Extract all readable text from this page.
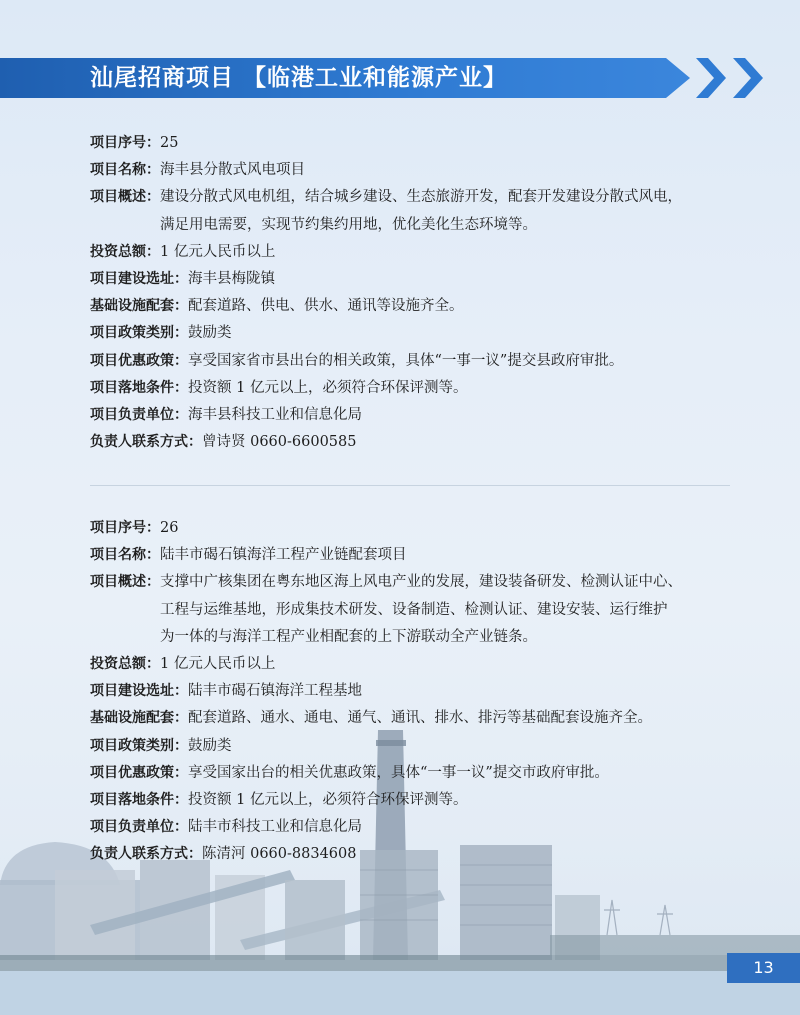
汕尾招商项目 【临港工业和能源产业】
项目序号： 25
项目名称： 海丰县分散式风电项目
项目概述： 建设分散式风电机组，结合城乡建设、生态旅游开发，配套开发建设分散式风电，
满足用电需要，实现节约集约用地，优化美化生态环境等。
投资总额： 1 亿元人民币以上
项目建设选址： 海丰县梅陇镇
基础设施配套： 配套道路、供电、供水、通讯等设施齐全。
项目政策类别： 鼓励类
项目优惠政策： 享受国家省市县出台的相关政策，具体“一事一议”提交县政府审批。
项目落地条件： 投资额 1 亿元以上，必须符合环保评测等。
项目负责单位： 海丰县科技工业和信息化局
负责人联系方式： 曾诗贤 0660-6600585
项目序号： 26
项目名称： 陆丰市碣石镇海洋工程产业链配套项目
项目概述： 支撑中广核集团在粤东地区海上风电产业的发展，建设装备研发、检测认证中心、
工程与运维基地，形成集技术研发、设备制造、检测认证、建设安装、运行维护
为一体的与海洋工程产业相配套的上下游联动全产业链条。
投资总额： 1 亿元人民币以上
项目建设选址： 陆丰市碣石镇海洋工程基地
基础设施配套： 配套道路、通水、通电、通气、通讯、排水、排污等基础配套设施齐全。
项目政策类别： 鼓励类
项目优惠政策： 享受国家出台的相关优惠政策，具体“一事一议”提交市政府审批。
项目落地条件： 投资额 1 亿元以上，必须符合环保评测等。
项目负责单位： 陆丰市科技工业和信息化局
负责人联系方式： 陈清河 0660-8834608
13
